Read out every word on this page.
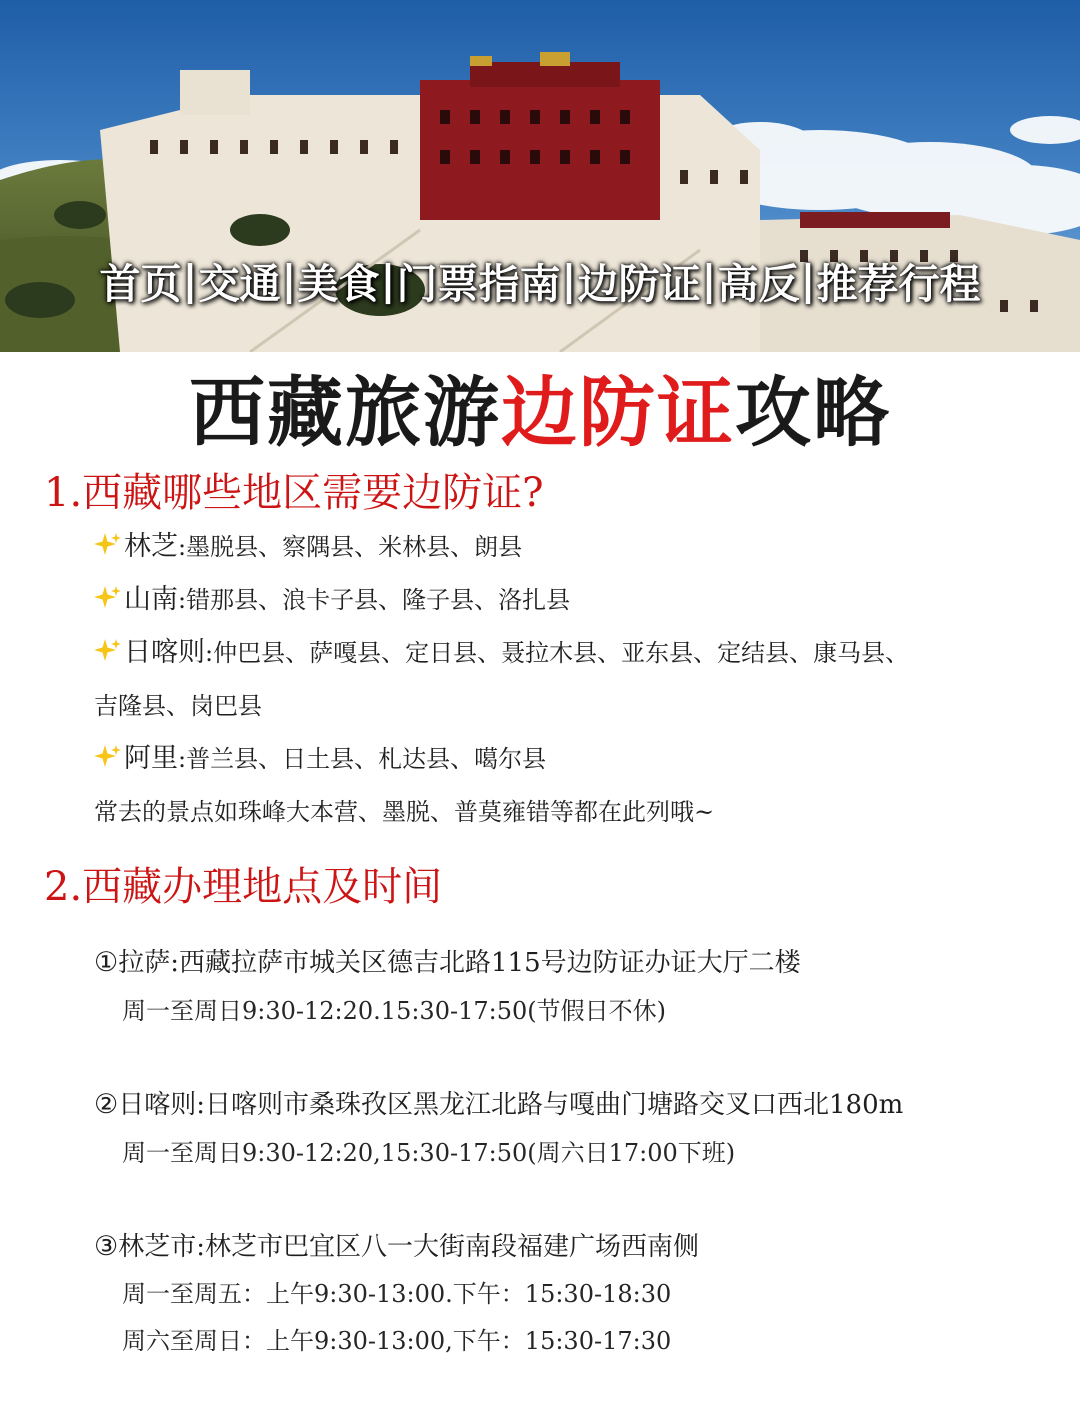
首页 | 交通 | 美食 | 门票指南 | 边防证 | 高反 | 推荐行程
西藏旅游边防证攻略
1.西藏哪些地区需要边防证?
林芝:墨脱县、察隅县、米林县、朗县
山南:错那县、浪卡子县、隆子县、洛扎县
日喀则:仲巴县、萨嘎县、定日县、聂拉木县、亚东县、定结县、康马县、
吉隆县、岗巴县
阿里:普兰县、日土县、札达县、噶尔县
常去的景点如珠峰大本营、墨脱、普莫雍错等都在此列哦~
2.西藏办理地点及时间
①拉萨:西藏拉萨市城关区德吉北路115号边防证办证大厅二楼
周一至周日9:30-12:20.15:30-17:50(节假日不休)
②日喀则:日喀则市桑珠孜区黑龙江北路与嘎曲门塘路交叉口西北180m
周一至周日9:30-12:20,15:30-17:50(周六日17:00下班)
③林芝市:林芝市巴宜区八一大街南段福建广场西南侧
周一至周五：上午9:30-13:00.下午：15:30-18:30
周六至周日：上午9:30-13:00,下午：15:30-17:30
